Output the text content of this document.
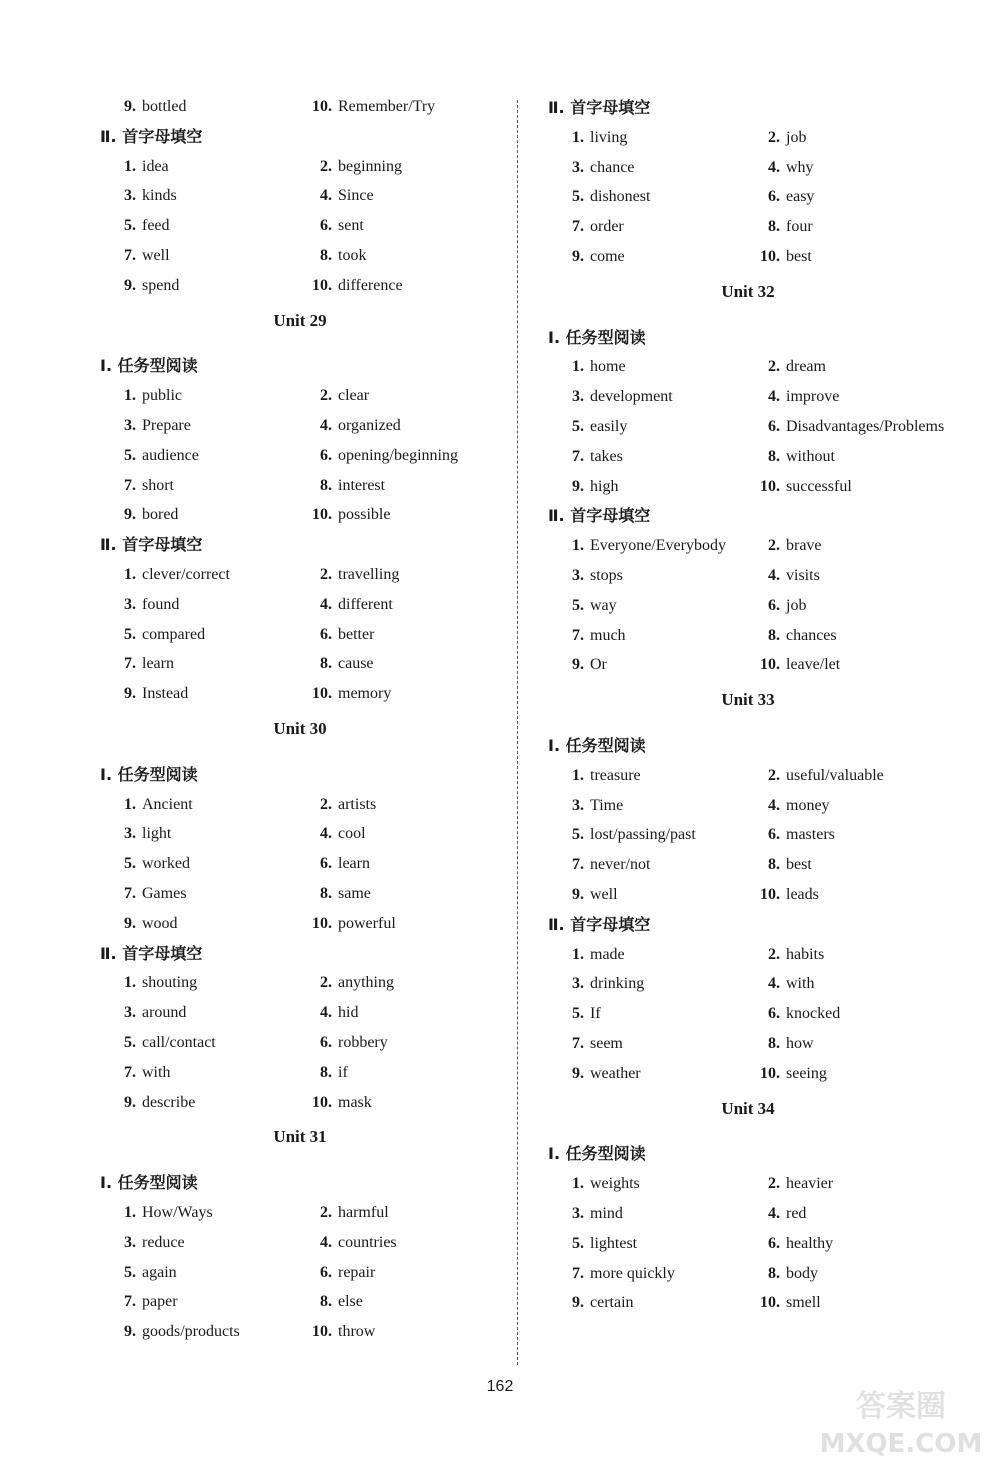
9. bottled	10. Remember/Try
Ⅱ. 首字母填空
1. idea	2. beginning
3. kinds	4. Since
5. feed	6. sent
7. well	8. took
9. spend	10. difference
Unit 29
Ⅰ. 任务型阅读
1. public	2. clear
3. Prepare	4. organized
5. audience	6. opening/beginning
7. short	8. interest
9. bored	10. possible
Ⅱ. 首字母填空
1. clever/correct	2. travelling
3. found	4. different
5. compared	6. better
7. learn	8. cause
9. Instead	10. memory
Unit 30
Ⅰ. 任务型阅读
1. Ancient	2. artists
3. light	4. cool
5. worked	6. learn
7. Games	8. same
9. wood	10. powerful
Ⅱ. 首字母填空
1. shouting	2. anything
3. around	4. hid
5. call/contact	6. robbery
7. with	8. if
9. describe	10. mask
Unit 31
Ⅰ. 任务型阅读
1. How/Ways	2. harmful
3. reduce	4. countries
5. again	6. repair
7. paper	8. else
9. goods/products	10. throw
Ⅱ. 首字母填空
1. living	2. job
3. chance	4. why
5. dishonest	6. easy
7. order	8. four
9. come	10. best
Unit 32
Ⅰ. 任务型阅读
1. home	2. dream
3. development	4. improve
5. easily	6. Disadvantages/Problems
7. takes	8. without
9. high	10. successful
Ⅱ. 首字母填空
1. Everyone/Everybody	2. brave
3. stops	4. visits
5. way	6. job
7. much	8. chances
9. Or	10. leave/let
Unit 33
Ⅰ. 任务型阅读
1. treasure	2. useful/valuable
3. Time	4. money
5. lost/passing/past	6. masters
7. never/not	8. best
9. well	10. leads
Ⅱ. 首字母填空
1. made	2. habits
3. drinking	4. with
5. If	6. knocked
7. seem	8. how
9. weather	10. seeing
Unit 34
Ⅰ. 任务型阅读
1. weights	2. heavier
3. mind	4. red
5. lightest	6. healthy
7. more quickly	8. body
9. certain	10. smell
162
答案圈
MXQE.COM
